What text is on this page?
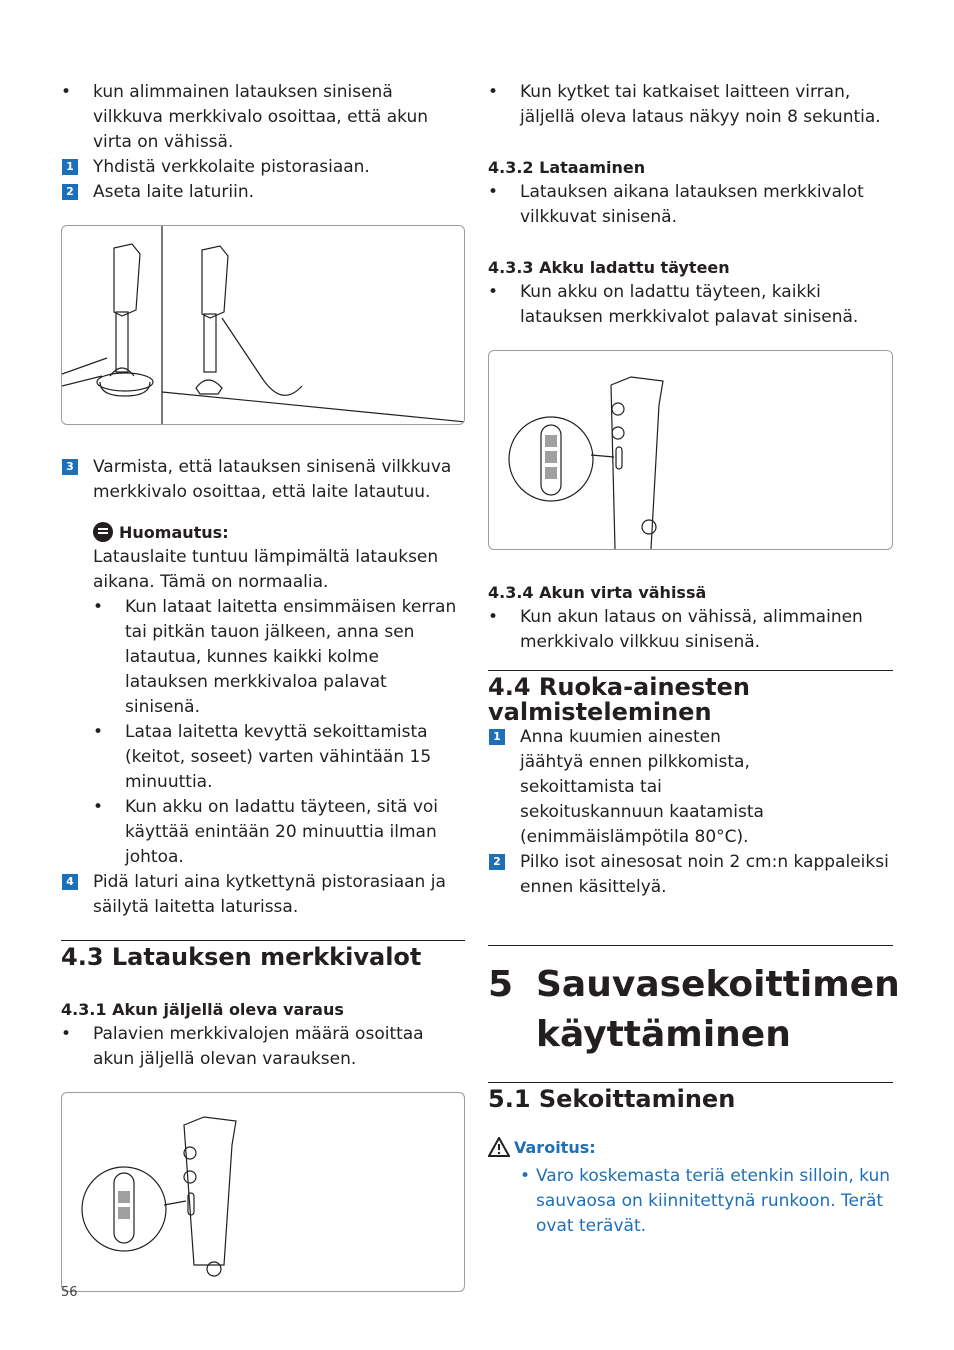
• kun alimmainen latauksen sinisenä vilkkuva merkkivalo osoittaa, että akun virta on vähissä.

1 Yhdistä verkkolaite pistorasiaan.

2 Aseta laite laturiin.

3 Varmista, että latauksen sinisenä vilkkuva merkkivalo osoittaa, että laite latautuu.

Huomautus:

Latauslaite tuntuu lämpimältä latauksen aikana. Tämä on normaalia.

• Kun lataat laitetta ensimmäisen kerran tai pitkän tauon jälkeen, anna sen latautua, kunnes kaikki kolme latauksen merkkivaloa palavat sinisenä.

• Lataa laitetta kevyttä sekoittamista (keitot, soseet) varten vähintään 15 minuuttia.

• Kun akku on ladattu täyteen, sitä voi käyttää enintään 20 minuuttia ilman johtoa.

4 Pidä laturi aina kytkettynä pistorasiaan ja säilytä laitetta laturissa.

4.3 Latauksen merkkivalot

4.3.1 Akun jäljellä oleva varaus

• Palavien merkkivalojen määrä osoittaa akun jäljellä olevan varauksen.

• Kun kytket tai katkaiset laitteen virran, jäljellä oleva lataus näkyy noin 8 sekuntia.

4.3.2 Lataaminen

• Latauksen aikana latauksen merkkivalot vilkkuvat sinisenä.

4.3.3 Akku ladattu täyteen

• Kun akku on ladattu täyteen, kaikki latauksen merkkivalot palavat sinisenä.

4.3.4 Akun virta vähissä

• Kun akun lataus on vähissä, alimmainen merkkivalo vilkkuu sinisenä.

4.4 Ruoka-ainesten valmisteleminen

1 Anna kuumien ainesten jäähtyä ennen pilkkomista, sekoittamista tai sekoituskannuun kaatamista (enimmäislämpötila 80°C).

2 Pilko isot ainesosat noin 2 cm:n kappaleiksi ennen käsittelyä.

5 Sauvasekoittimen käyttäminen
5.1 Sekoittaminen
Varoitus:

• Varo koskemasta teriä etenkin silloin, kun sauvaosa on kiinnitettynä runkoon. Terät ovat terävät.

56
